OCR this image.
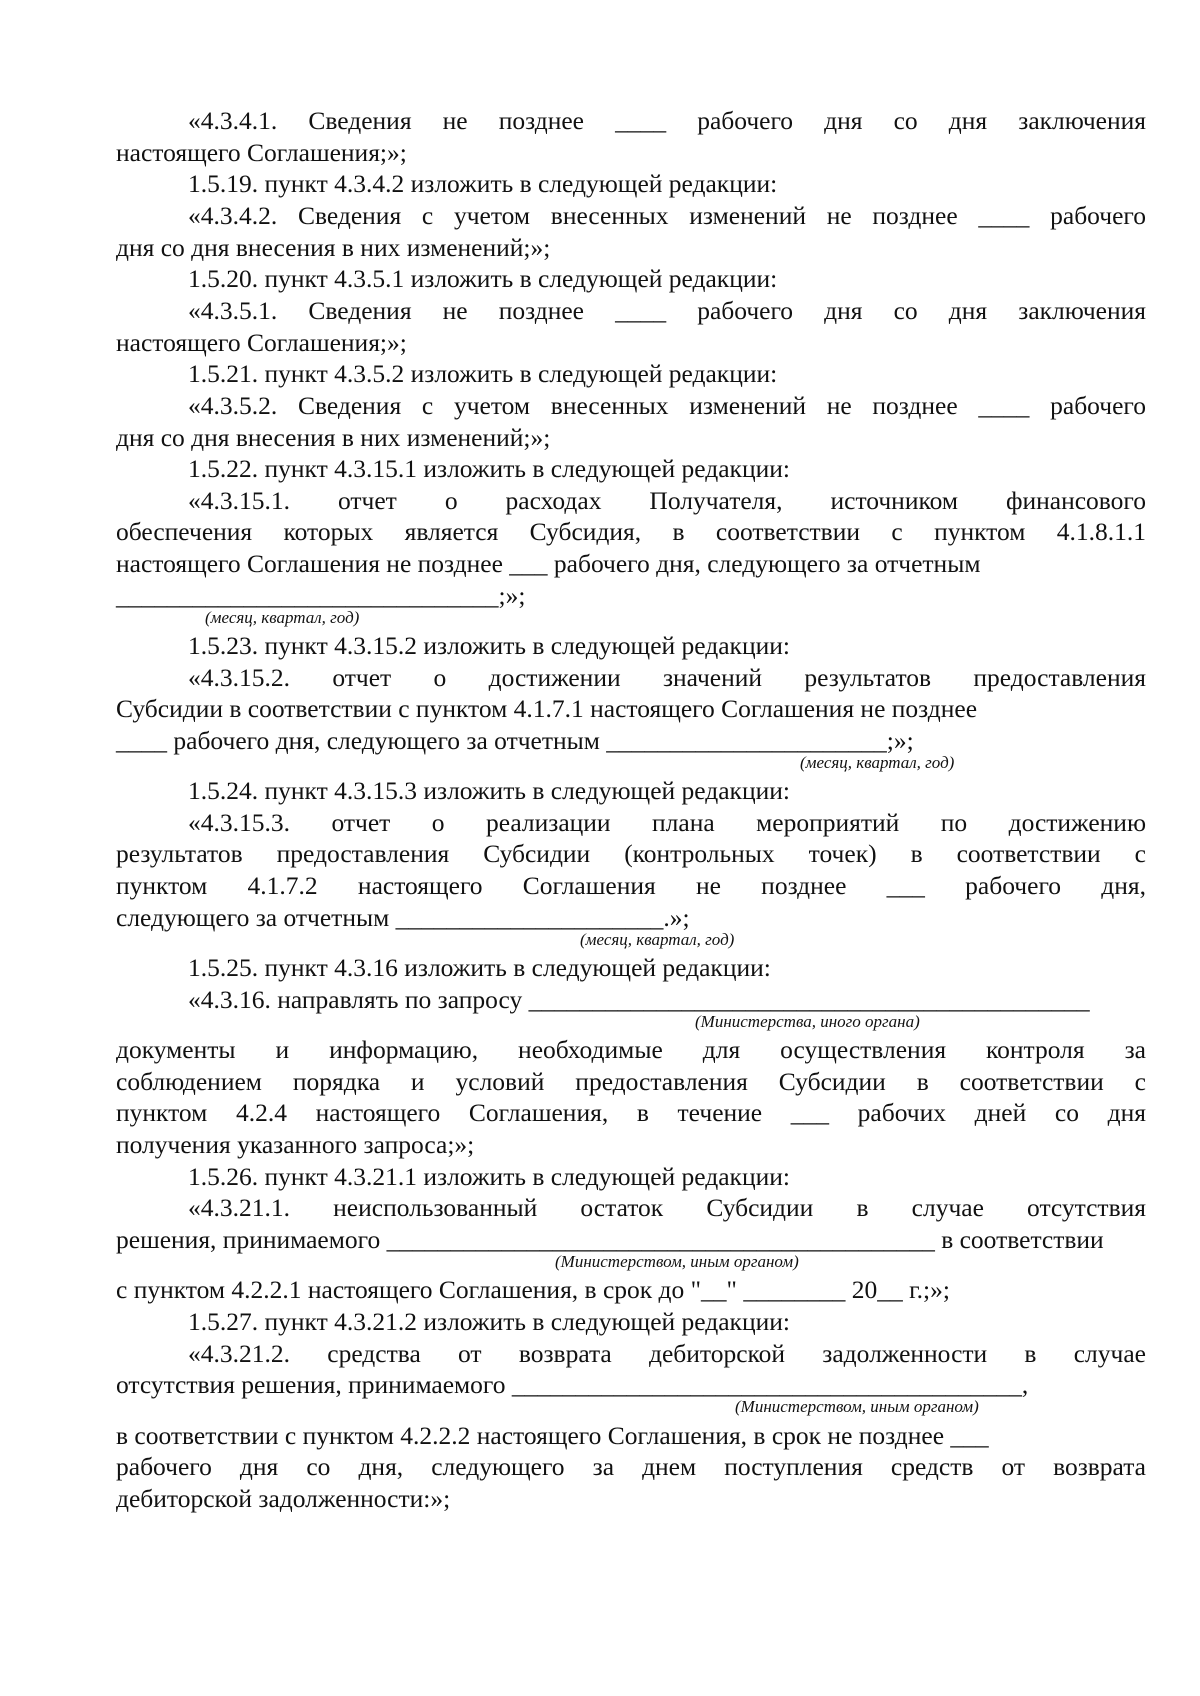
«4.3.4.1. Сведения не позднее ____ рабочего дня со дня заключения
настоящего Соглашения;»;
1.5.19. пункт 4.3.4.2 изложить в следующей редакции:
«4.3.4.2. Сведения с учетом внесенных изменений не позднее ____ рабочего
дня со дня внесения в них изменений;»;
1.5.20. пункт 4.3.5.1 изложить в следующей редакции:
«4.3.5.1. Сведения не позднее ____ рабочего дня со дня заключения
настоящего Соглашения;»;
1.5.21. пункт 4.3.5.2 изложить в следующей редакции:
«4.3.5.2. Сведения с учетом внесенных изменений не позднее ____ рабочего
дня со дня внесения в них изменений;»;
1.5.22. пункт 4.3.15.1 изложить в следующей редакции:
«4.3.15.1. отчет о расходах Получателя, источником финансового
обеспечения которых является Субсидия, в соответствии с пунктом 4.1.8.1.1
настоящего Соглашения не позднее ___ рабочего дня, следующего за отчетным
______________________________;»;
(месяц, квартал, год)
1.5.23. пункт 4.3.15.2 изложить в следующей редакции:
«4.3.15.2. отчет о достижении значений результатов предоставления
Субсидии в соответствии с пунктом 4.1.7.1 настоящего Соглашения не позднее
____ рабочего дня, следующего за отчетным ______________________;»;
(месяц, квартал, год)
1.5.24. пункт 4.3.15.3 изложить в следующей редакции:
«4.3.15.3. отчет о реализации плана мероприятий по достижению
результатов предоставления Субсидии (контрольных точек) в соответствии с
пунктом 4.1.7.2 настоящего Соглашения не позднее ___ рабочего дня,
следующего за отчетным _____________________.»;
(месяц, квартал, год)
1.5.25. пункт 4.3.16 изложить в следующей редакции:
«4.3.16. направлять по запросу ____________________________________________
(Министерства, иного органа)
документы и информацию, необходимые для осуществления контроля за
соблюдением порядка и условий предоставления Субсидии в соответствии с
пунктом 4.2.4 настоящего Соглашения, в течение ___ рабочих дней со дня
получения указанного запроса;»;
1.5.26. пункт 4.3.21.1 изложить в следующей редакции:
«4.3.21.1. неиспользованный остаток Субсидии в случае отсутствия
решения, принимаемого ___________________________________________ в соответствии
(Министерством, иным органом)
с пунктом 4.2.2.1 настоящего Соглашения, в срок до "__" ________ 20__ г.;»;
1.5.27. пункт 4.3.21.2 изложить в следующей редакции:
«4.3.21.2. средства от возврата дебиторской задолженности в случае
отсутствия решения, принимаемого ________________________________________,
(Министерством, иным органом)
в соответствии с пунктом 4.2.2.2 настоящего Соглашения, в срок не позднее ___
рабочего дня со дня, следующего за днем поступления средств от возврата
дебиторской задолженности:»;
